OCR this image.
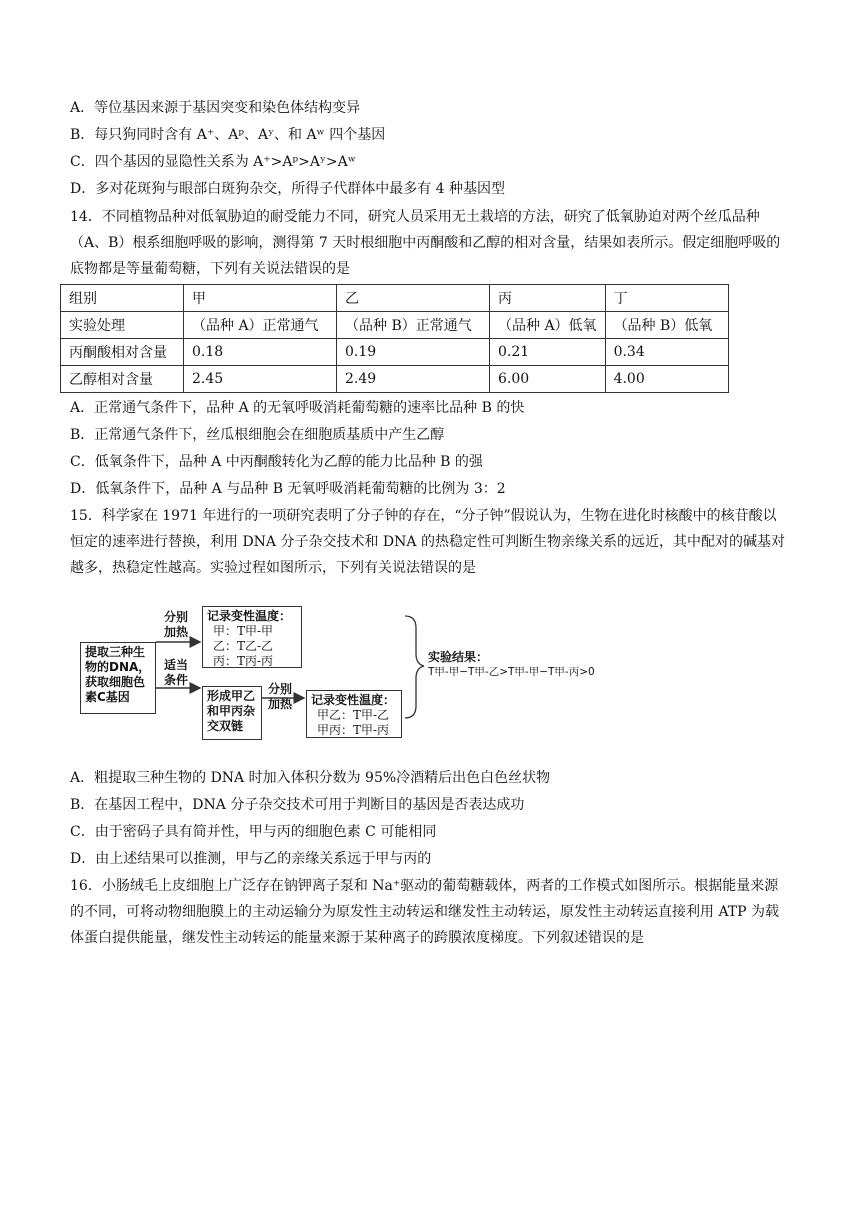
A．等位基因来源于基因突变和染色体结构变异
B．每只狗同时含有 A⁺、Aᵖ、Aʸ、和 Aʷ 四个基因
C．四个基因的显隐性关系为 A⁺>Aᵖ>Aʸ>Aʷ
D．多对花斑狗与眼部白斑狗杂交，所得子代群体中最多有 4 种基因型
14．不同植物品种对低氧胁迫的耐受能力不同，研究人员采用无土栽培的方法，研究了低氧胁迫对两个丝瓜品种（A、B）根系细胞呼吸的影响，测得第 7 天时根细胞中丙酮酸和乙醇的相对含量，结果如表所示。假定细胞呼吸的底物都是等量葡萄糖，下列有关说法错误的是
组别	甲	乙	丙	丁
实验处理	（品种 A）正常通气	（品种 B）正常通气	（品种 A）低氧	（品种 B）低氧
丙酮酸相对含量	0.18	0.19	0.21	0.34
乙醇相对含量	2.45	2.49	6.00	4.00
A．正常通气条件下，品种 A 的无氧呼吸消耗葡萄糖的速率比品种 B 的快
B．正常通气条件下，丝瓜根细胞会在细胞质基质中产生乙醇
C．低氧条件下，品种 A 中丙酮酸转化为乙醇的能力比品种 B 的强
D．低氧条件下，品种 A 与品种 B 无氧呼吸消耗葡萄糖的比例为 3：2
15．科学家在 1971 年进行的一项研究表明了分子钟的存在，“分子钟”假说认为，生物在进化时核酸中的核苷酸以恒定的速率进行替换，利用 DNA 分子杂交技术和 DNA 的热稳定性可判断生物亲缘关系的远近，其中配对的碱基对越多，热稳定性越高。实验过程如图所示，下列有关说法错误的是
提取三种生
物的DNA，
获取细胞色
素C基因
分别
加热
适当
条件
记录变性温度：
甲：T甲-甲
乙：T乙-乙
丙：T丙-丙
形成甲乙
和甲丙杂
交双链
分别
加热 记录变性温度：
甲乙：T甲-乙
甲丙：T甲-丙
实验结果：
T甲-甲−T甲-乙>T甲-甲−T甲-丙>0
A．粗提取三种生物的 DNA 时加入体积分数为 95%冷酒精后出色白色丝状物
B．在基因工程中，DNA 分子杂交技术可用于判断目的基因是否表达成功
C．由于密码子具有简并性，甲与丙的细胞色素 C 可能相同
D．由上述结果可以推测，甲与乙的亲缘关系远于甲与丙的
16．小肠绒毛上皮细胞上广泛存在钠钾离子泵和 Na⁺驱动的葡萄糖载体，两者的工作模式如图所示。根据能量来源的不同，可将动物细胞膜上的主动运输分为原发性主动转运和继发性主动转运，原发性主动转运直接利用 ATP 为载体蛋白提供能量，继发性主动转运的能量来源于某种离子的跨膜浓度梯度。下列叙述错误的是
